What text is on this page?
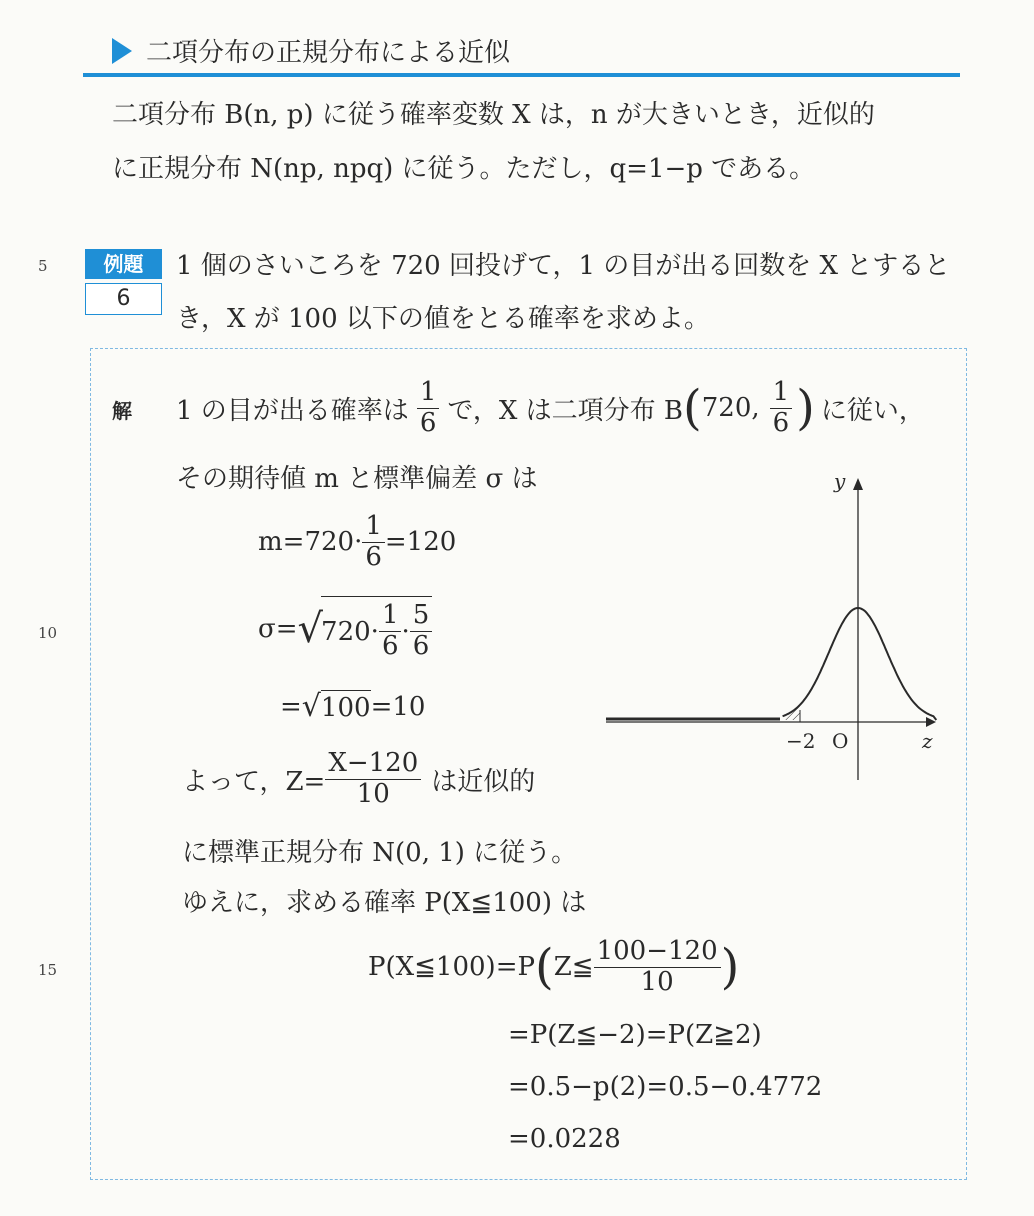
二項分布の正規分布による近似
二項分布 B(n, p) に従う確率変数 X は，n が大きいとき，近似的
に正規分布 N(np, npq) に従う。ただし，q=1−p である。
5
10
15
例題
6
1 個のさいころを 720 回投げて，1 の目が出る回数を X とすると
き，X が 100 以下の値をとる確率を求めよ。
解 1 の目が出る確率は $\frac{1}{6}$ で，X は二項分布 B ( 720, $\frac{1}{6}$ ) に従い，
その期待値 m と標準偏差 σ は
$m=720\cdot \frac{1}{6} =120$
σ= √
$720\cdot \frac{1}{6} \cdot \frac{5}{6}$
= √ 100 =10
よって，$Z= \frac{X-120}{10}$ は近似的
に標準正規分布 N(0, 1) に従う。
ゆえに，求める確率 P(X≦100) は
P(X≦100)=P ( Z≦ $\frac{100-120}{10}$ )
=P(Z≦−2)=P(Z≧2)
=0.5−p(2)=0.5−0.4772
=0.0228
y
z
−2 O
